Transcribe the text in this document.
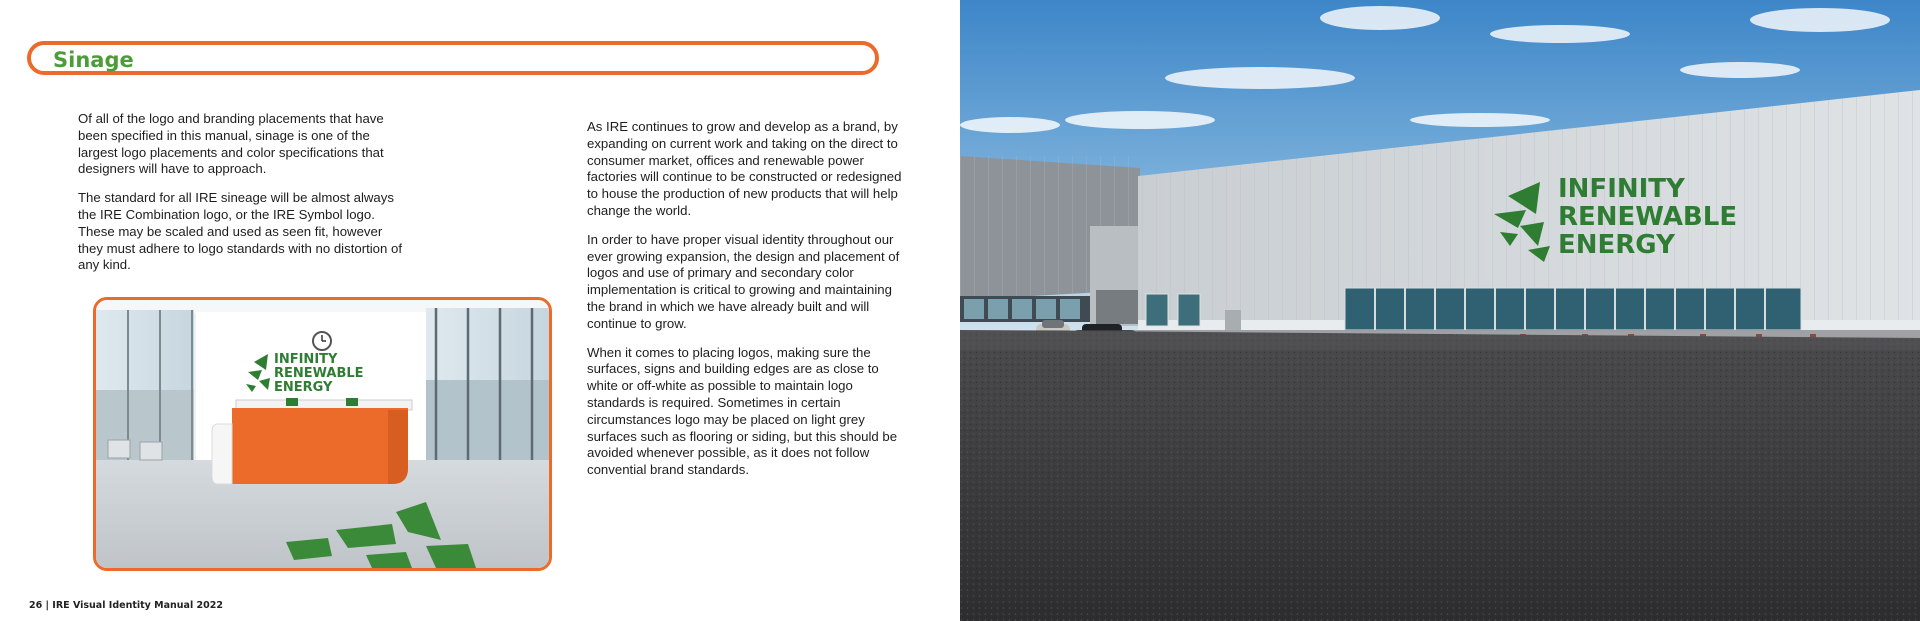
Sinage

Of all of the logo and branding placements that have been specified in this manual, sinage is one of the largest logo placements and color specifications that designers will have to approach.

The standard for all IRE sineage will be almost always the IRE Combination logo, or the IRE Symbol logo. These may be scaled and used as seen fit, however they must adhere to logo standards with no distortion of any kind.

INFINITY
RENEWABLE
ENERGY

As IRE continues to grow and develop as a brand, by expanding on current work and taking on the direct to consumer market, offices and renewable power factories will continue to be constructed or redesigned to house the production of new products that will help change the world.

In order to have proper visual identity throughout our ever growing expansion, the design and placement of logos and use of primary and secondary color implementation is critical to growing and maintaining the brand in which we have already built and will continue to grow.

When it comes to placing logos, making sure the surfaces, signs and building edges are as close to white or off-white as possible to maintain logo standards is required. Sometimes in certain circumstances logo may be placed on light grey surfaces such as flooring or siding, but this should be avoided whenever possible, as it does not follow convential brand standards.

26 | IRE Visual Identity Manual 2022
INFINITY
RENEWABLE
ENERGY
